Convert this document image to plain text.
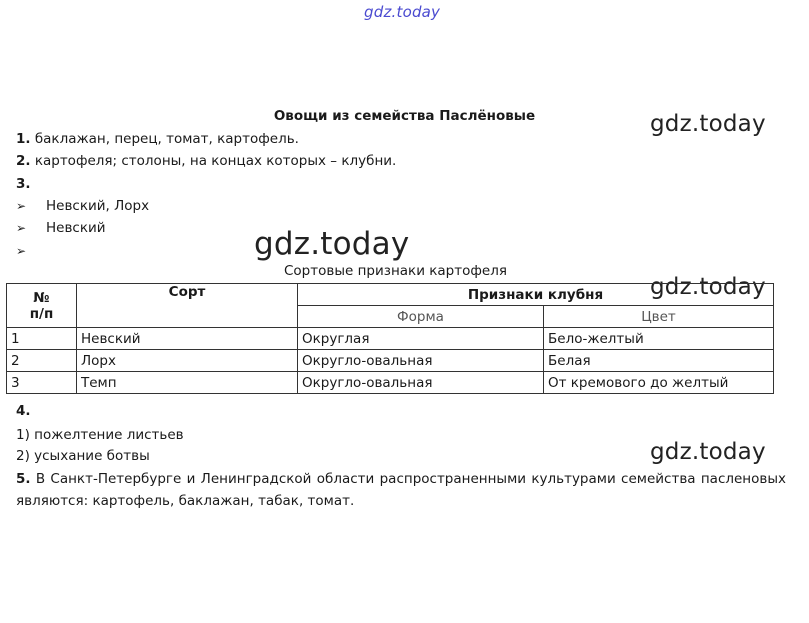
gdz.today
gdz.today
gdz.today
gdz.today
gdz.today
Овощи из семейства Паслёновые
1. баклажан, перец, томат, картофель.
2. картофеля; столоны, на концах которых – клубни.
3.
➢ Невский, Лорх
➢ Невский
➢
Сортовые признаки картофеля
№
п/п	Сорт	Признаки клубня	
		Форма	Цвет
1	Невский	Округлая	Бело-желтый
2	Лорх	Округло-овальная	Белая
3	Темп	Округло-овальная	От кремового до желтый
4.
1) пожелтение листьев
2) усыхание ботвы
5. В Санкт-Петербурге и Ленинградской области распространенными культурами семейства пасленовых являются: картофель, баклажан, табак, томат.
